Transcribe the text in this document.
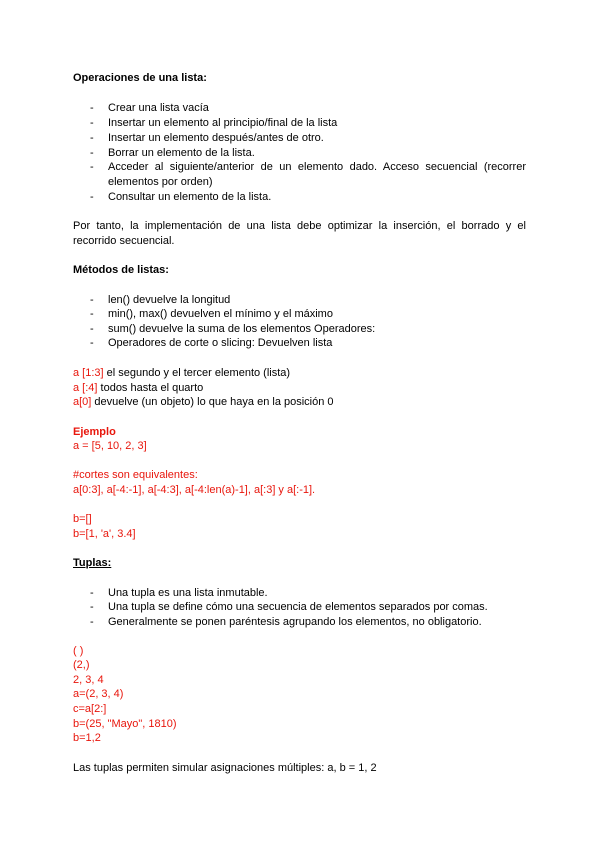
Operaciones de una lista:
- Crear una lista vacía
- Insertar un elemento al principio/final de la lista
- Insertar un elemento después/antes de otro.
- Borrar un elemento de la lista.
- Acceder al siguiente/anterior de un elemento dado. Acceso secuencial (recorrer
elementos por orden)
- Consultar un elemento de la lista.
Por tanto, la implementación de una lista debe optimizar la inserción, el borrado y el
recorrido secuencial.
Métodos de listas:
- len() devuelve la longitud
- min(), max() devuelven el mínimo y el máximo
- sum() devuelve la suma de los elementos Operadores:
- Operadores de corte o slicing: Devuelven lista
a [1:3] el segundo y el tercer elemento (lista)
a [:4] todos hasta el quarto
a[0] devuelve (un objeto) lo que haya en la posición 0
Ejemplo
a = [5, 10, 2, 3]
#cortes son equivalentes:
a[0:3], a[-4:-1], a[-4:3], a[-4:len(a)-1], a[:3] y a[:-1].
b=[]
b=[1, 'a', 3.4]
Tuplas:
- Una tupla es una lista inmutable.
- Una tupla se define cómo una secuencia de elementos separados por comas.
- Generalmente se ponen paréntesis agrupando los elementos, no obligatorio.
( )
(2,)
2, 3, 4
a=(2, 3, 4)
c=a[2:]
b=(25, "Mayo", 1810)
b=1,2
Las tuplas permiten simular asignaciones múltiples: a, b = 1, 2
